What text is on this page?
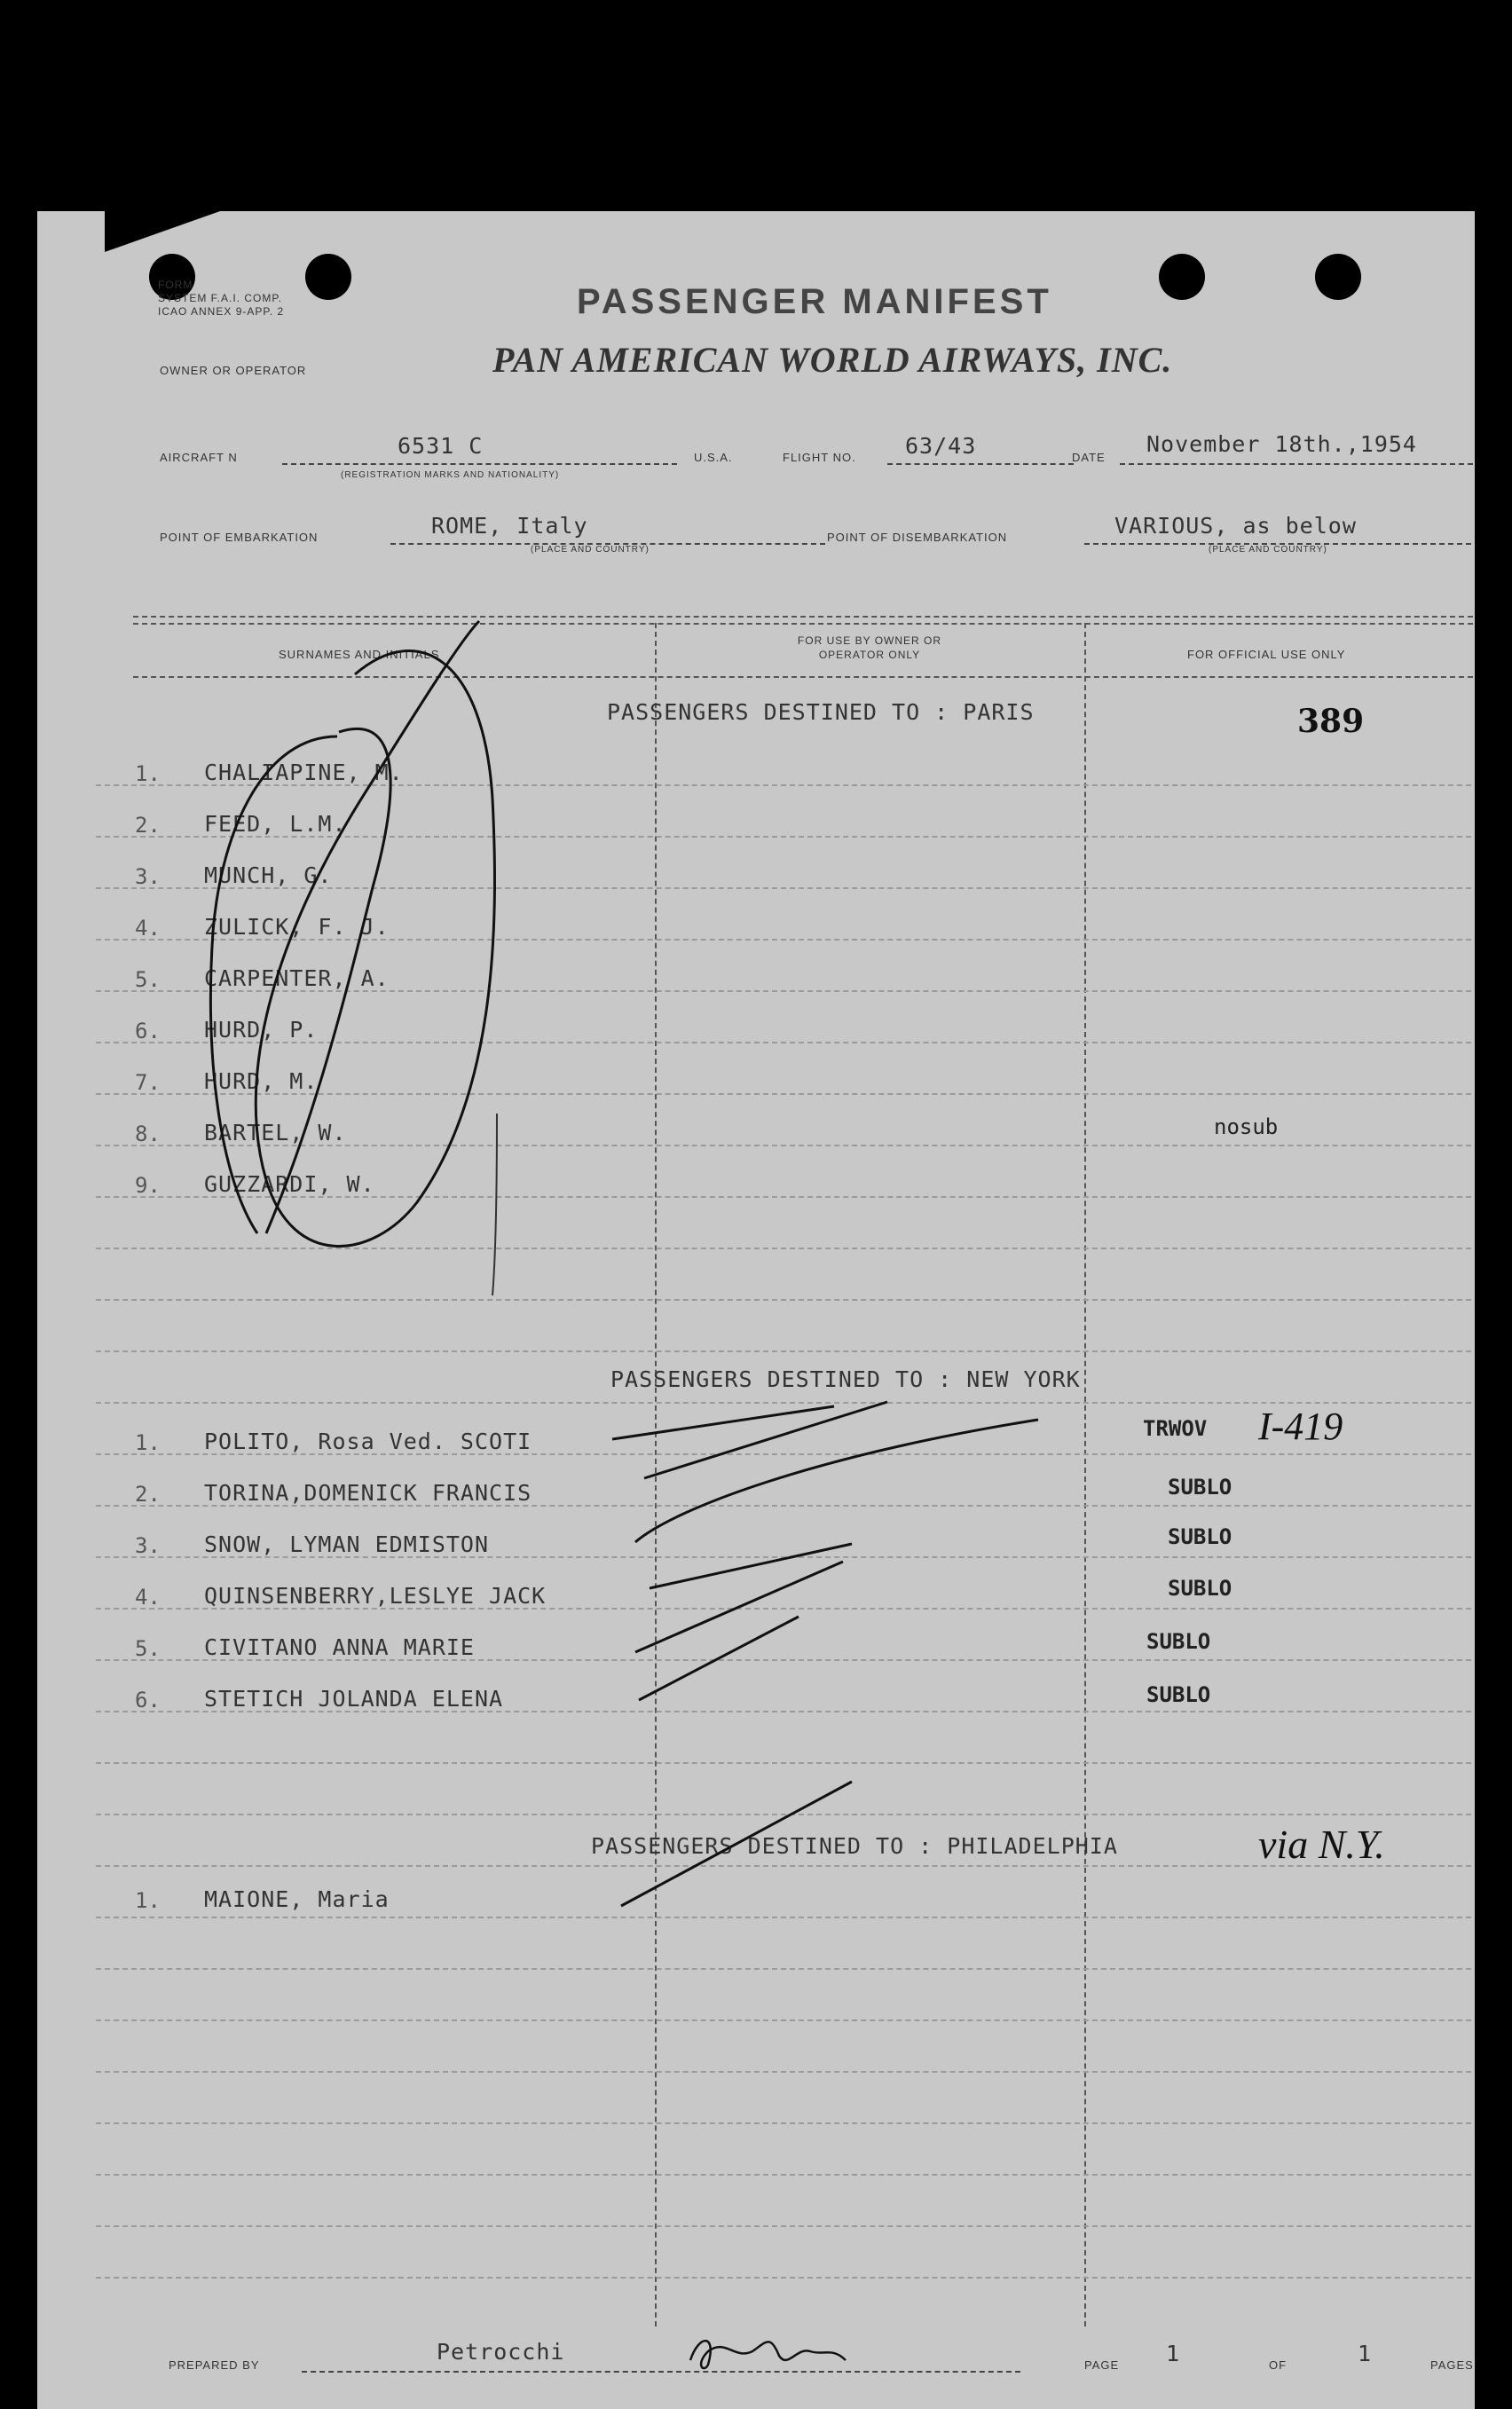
FORM
SYSTEM F.A.I. COMP.
ICAO ANNEX 9-APP. 2	PASSENGER MANIFEST
OWNER OR OPERATOR	PAN AMERICAN WORLD AIRWAYS, INC.
AIRCRAFT N	6531 C
(REGISTRATION MARKS AND NATIONALITY)
U.S.A.	FLIGHT NO. 63/43	DATE
November 18th.,1954
POINT OF EMBARKATION	ROME, Italy
(PLACE AND COUNTRY)
POINT OF DISEMBARKATION	VARIOUS, as below
(PLACE AND COUNTRY)
SURNAMES AND INITIALS
FOR USE BY OWNER OR OPERATOR ONLY	FOR OFFICIAL USE ONLY
PASSENGERS DESTINED TO : PARIS	389
1.	CHALIAPINE, M.
2.	FEED, L.M.
3.	MUNCH, G.
4.	ZULICK, F. J.
5.	CARPENTER, A.
6.	HURD, P.
7.	HURD, M.
8.	BARTEL, W.	nosub
9.	GUZZARDI, W.
PASSENGERS DESTINED TO : NEW YORK
1.	POLITO, Rosa Ved. SCOTI	TRWOV I-419
2.	TORINA,DOMENICK FRANCIS	SUBLO
3.	SNOW, LYMAN EDMISTON	SUBLO
4.	QUINSENBERRY,LESLYE JACK	SUBLO
5.	CIVITANO ANNA MARIE	SUBLO
6.	STETICH JOLANDA ELENA	SUBLO
PASSENGERS DESTINED TO : PHILADELPHIA	via N.Y.
1.	MAIONE, Maria
PREPARED BY
Petrocchi
PAGE 1	OF	1	PAGES
